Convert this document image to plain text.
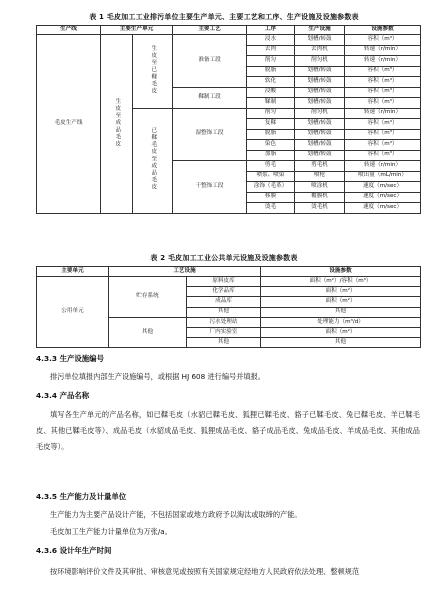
表 1 毛皮加工工业排污单位主要生产单元、主要工艺和工序、生产设施及设施参数表
生产线	主要生产单元		主要工艺	工序	生产设施	设施参数
毛皮生产线	生皮至成品毛皮	生皮至已鞣毛皮	准备工段	浸水	划槽/转鼓	容积（m³）
				去肉	去肉机	转速（r/min）
				削匀	削匀机	转速（r/min）
				脱脂	划槽/转鼓	容积（m³）
				软化	划槽/转鼓	容积（m³）
			鞣制工段	浸酸	划槽/转鼓	容积（m³）
				鞣制	划槽/转鼓	容积（m³）
		已鞣毛皮至成品毛皮	湿整饰工段	削匀	削匀机	转速（r/min）
				复鞣	划槽/转鼓	容积（m³）
				脱脂	划槽/转鼓	容积（m³）
				染色	划槽/转鼓	容积（m³）
				加脂	划槽/转鼓	容积（m³）
			干整饰工段	剪毛	剪毛机	转速（r/min）
				喷浆、喷染	喷枪	喷出量（mL/min）
				涂饰（毛革）	喷涂机	速度（m/sec）
				移膜	覆膜机	速度（m/sec）
				烫毛	烫毛机	速度（m/sec）
表 2 毛皮加工工业公共单元设施及设施参数表
主要单元	工艺设施		设施参数
公用单元	贮存系统	原料皮库	面积（m²）/容积（m³）
		化学品库	面积（m²）
		成品库	面积（m²）
		其他	其他
	其他	污水处理站	处理能力（m³/d）
		厂内实验室	面积（m²）
		其他	其他
4.3.3 生产设施编号

排污单位填报内部生产设施编号，或根据 HJ 608 进行编号并填报。

4.3.4 产品名称

填写各生产单元的产品名称，如已鞣毛皮（水貂已鞣毛皮、狐狸已鞣毛皮、貉子已鞣毛皮、兔已鞣毛皮、羊已鞣毛皮、其他已鞣毛皮等）、成品毛皮（水貂成品毛皮、狐狸成品毛皮、貉子成品毛皮、兔成品毛皮、羊成品毛皮、其他成品毛皮等）。

4.3.5 生产能力及计量单位

生产能力为主要产品设计产能，不包括国家或地方政府予以淘汰或取缔的产能。

毛皮加工生产能力计量单位为万张/a。

4.3.6 设计年生产时间

按环境影响评价文件及其审批、审核意见或按照有关国家规定经地方人民政府依法处理、整顿规范
